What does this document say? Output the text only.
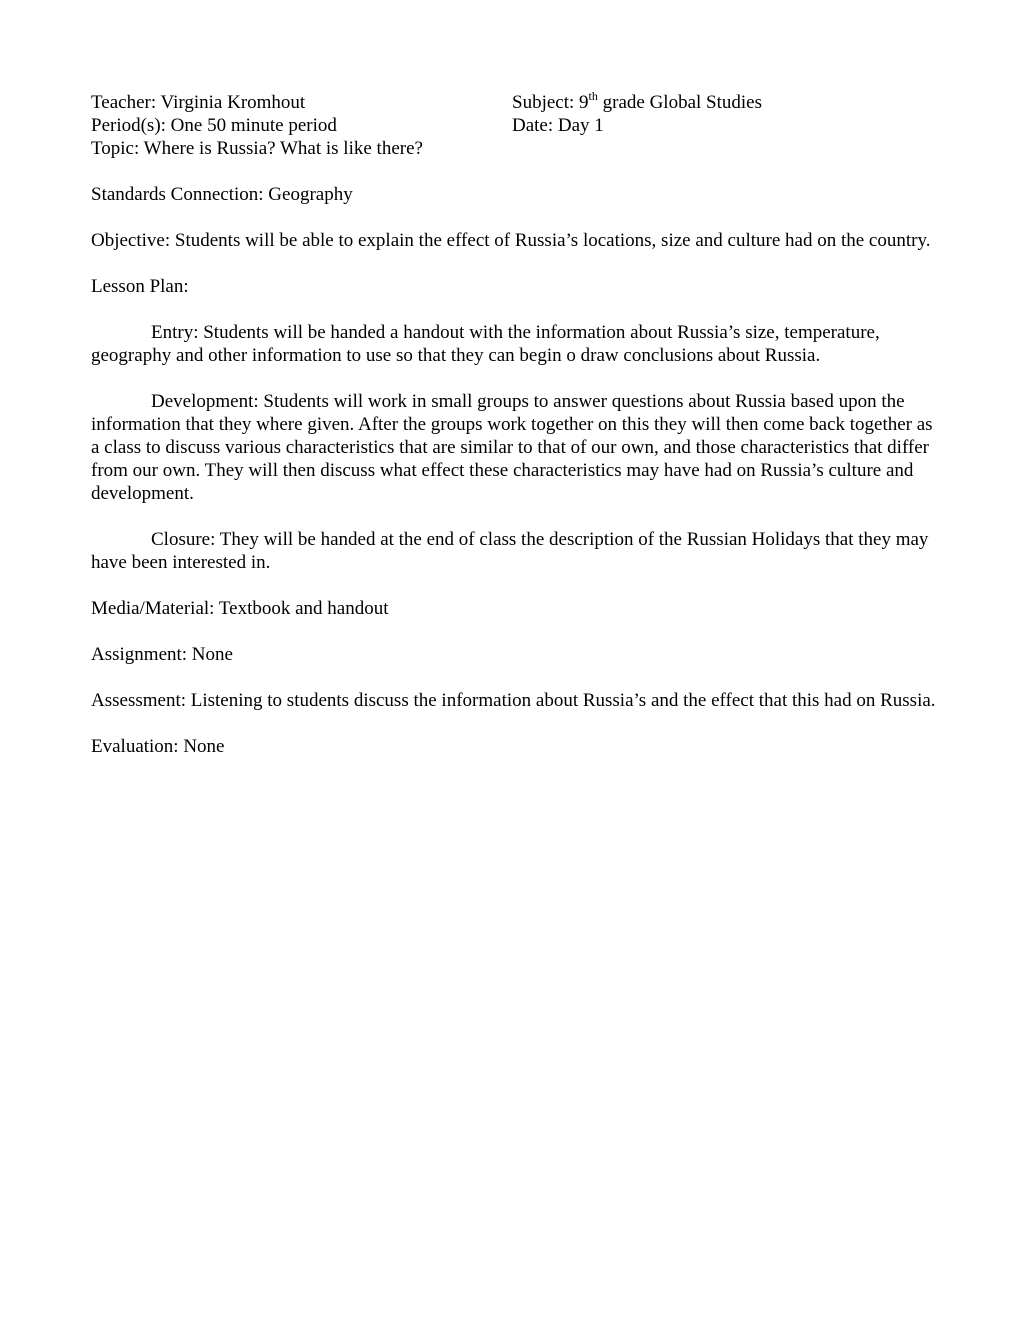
Teacher: Virginia Kromhout	Subject: 9th grade Global Studies
Period(s): One 50 minute period	Date: Day 1
Topic: Where is Russia? What is like there?

Standards Connection: Geography

Objective: Students will be able to explain the effect of Russia’s locations, size and culture had on the country.

Lesson Plan:

Entry: Students will be handed a handout with the information about Russia’s size, temperature, geography and other information to use so that they can begin o draw conclusions about Russia.

Development: Students will work in small groups to answer questions about Russia based upon the information that they where given. After the groups work together on this they will then come back together as a class to discuss various characteristics that are similar to that of our own, and those characteristics that differ from our own. They will then discuss what effect these characteristics may have had on Russia’s culture and development.

Closure: They will be handed at the end of class the description of the Russian Holidays that they may have been interested in.

Media/Material: Textbook and handout

Assignment: None

Assessment: Listening to students discuss the information about Russia’s and the effect that this had on Russia.

Evaluation: None
